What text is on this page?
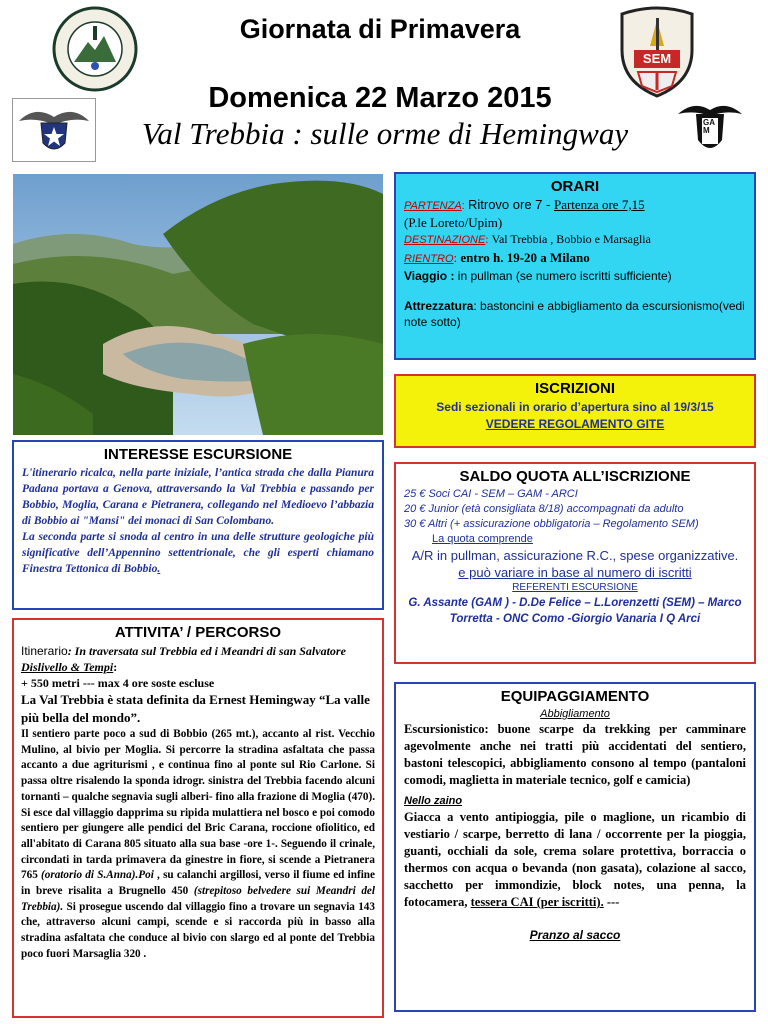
Giornata di Primavera
Domenica 22 Marzo 2015
Val Trebbia : sulle orme di Hemingway
SEM
GAM

ORARI

PARTENZA: Ritrovo ore 7 - Partenza ore 7,15

(P.le Loreto/Upim)

DESTINAZIONE: Val Trebbia , Bobbio e Marsaglia

RIENTRO: entro h. 19-20 a Milano

Viaggio : in pullman (se numero iscritti sufficiente)

Attrezzatura: bastoncini e abbigliamento da escursionismo(vedi note sotto)

ISCRIZIONI

Sedi sezionali in orario d’apertura sino al 19/3/15

VEDERE REGOLAMENTO GITE

INTERESSE ESCURSIONE

L'itinerario ricalca, nella parte iniziale, l’antica strada che dalla Pianura Padana portava a Genova, attraversando la Val Trebbia e passando per Bobbio, Moglia, Carana e Pietranera, collegando nel Medioevo l’abbazia di Bobbio ai "Mansi" dei monaci di San Colombano.

La seconda parte si snoda al centro in una delle strutture geologiche più significative dell’Appennino settentrionale, che gli esperti chiamano Finestra Tettonica di Bobbio.

SALDO QUOTA ALL’ISCRIZIONE

25 € Soci CAI - SEM – GAM - ARCI

20 € Junior (età consigliata 8/18) accompagnati da adulto

30 € Altri (+ assicurazione obbligatoria – Regolamento SEM) La quota comprende

A/R in pullman, assicurazione R.C., spese organizzative.

e può variare in base al numero di iscritti

REFERENTI ESCURSIONE

G. Assante (GAM ) - D.De Felice – L.Lorenzetti (SEM) – Marco Torretta - ONC Como -Giorgio Vanaria I Q Arci

ATTIVITA’ / PERCORSO

Itinerario: In traversata sul Trebbia ed i Meandri di san Salvatore

Dislivello & Tempi:

+ 550 metri --- max 4 ore soste escluse

La Val Trebbia è stata definita da Ernest Hemingway “La valle più bella del mondo”.

Il sentiero parte poco a sud di Bobbio (265 mt.), accanto al rist. Vecchio Mulino, al bivio per Moglia. Si percorre la stradina asfaltata che passa accanto a due agriturismi , e continua fino al ponte sul Rio Carlone. Si passa oltre risalendo la sponda idrogr. sinistra del Trebbia facendo alcuni tornanti – qualche segnavia sugli alberi- fino alla frazione di Moglia (470). Si esce dal villaggio dapprima su ripida mulattiera nel bosco e poi comodo sentiero per giungere alle pendici del Bric Carana, roccione ofiolitico, ed all'abitato di Carana 805 situato alla sua base -ore 1-. Seguendo il crinale, circondati in tarda primavera da ginestre in fiore, si scende a Pietranera 765 (oratorio di S.Anna).Poi , su calanchi argillosi, verso il fiume ed infine in breve risalita a Brugnello 450 (strepitoso belvedere sui Meandri del Trebbia). Si prosegue uscendo dal villaggio fino a trovare un segnavia 143 che, attraverso alcuni campi, scende e si raccorda più in basso alla stradina asfaltata che conduce al bivio con slargo ed al ponte del Trebbia poco fuori Marsaglia 320 .

EQUIPAGGIAMENTO

Abbigliamento

Escursionistico: buone scarpe da trekking per camminare agevolmente anche nei tratti più accidentati del sentiero, bastoni telescopici, abbigliamento consono al tempo (pantaloni comodi, maglietta in materiale tecnico, golf e camicia)

Nello zaino

Giacca a vento antipioggia, pile o maglione, un ricambio di vestiario / scarpe, berretto di lana / occorrente per la pioggia, guanti, occhiali da sole, crema solare protettiva, borraccia o thermos con acqua o bevanda (non gasata), colazione al sacco, sacchetto per immondizie, block notes, una penna, la fotocamera, tessera CAI (per iscritti). ---

Pranzo al sacco
